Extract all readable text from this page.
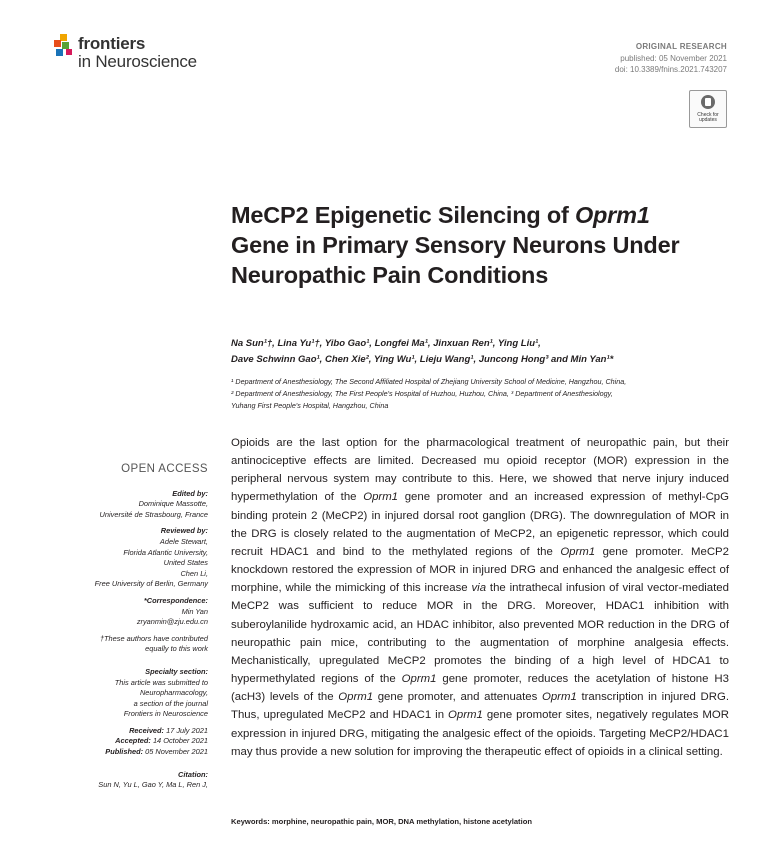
frontiers
in Neuroscience
ORIGINAL RESEARCH
published: 05 November 2021
doi: 10.3389/fnins.2021.743207
Check for updates
MeCP2 Epigenetic Silencing of Oprm1 Gene in Primary Sensory Neurons Under Neuropathic Pain Conditions
Na Sun¹†, Lina Yu¹†, Yibo Gao¹, Longfei Ma¹, Jinxuan Ren¹, Ying Liu¹,
Dave Schwinn Gao¹, Chen Xie², Ying Wu¹, Lieju Wang¹, Juncong Hong³ and Min Yan¹*
¹ Department of Anesthesiology, The Second Affiliated Hospital of Zhejiang University School of Medicine, Hangzhou, China,
² Department of Anesthesiology, The First People's Hospital of Huzhou, Huzhou, China, ³ Department of Anesthesiology,
Yuhang First People's Hospital, Hangzhou, China
Opioids are the last option for the pharmacological treatment of neuropathic pain, but their antinociceptive effects are limited. Decreased mu opioid receptor (MOR) expression in the peripheral nervous system may contribute to this. Here, we showed that nerve injury induced hypermethylation of the Oprm1 gene promoter and an increased expression of methyl-CpG binding protein 2 (MeCP2) in injured dorsal root ganglion (DRG). The downregulation of MOR in the DRG is closely related to the augmentation of MeCP2, an epigenetic repressor, which could recruit HDAC1 and bind to the methylated regions of the Oprm1 gene promoter. MeCP2 knockdown restored the expression of MOR in injured DRG and enhanced the analgesic effect of morphine, while the mimicking of this increase via the intrathecal infusion of viral vector-mediated MeCP2 was sufficient to reduce MOR in the DRG. Moreover, HDAC1 inhibition with suberoylanilide hydroxamic acid, an HDAC inhibitor, also prevented MOR reduction in the DRG of neuropathic pain mice, contributing to the augmentation of morphine analgesia effects. Mechanistically, upregulated MeCP2 promotes the binding of a high level of HDCA1 to hypermethylated regions of the Oprm1 gene promoter, reduces the acetylation of histone H3 (acH3) levels of the Oprm1 gene promoter, and attenuates Oprm1 transcription in injured DRG. Thus, upregulated MeCP2 and HDAC1 in Oprm1 gene promoter sites, negatively regulates MOR expression in injured DRG, mitigating the analgesic effect of the opioids. Targeting MeCP2/HDAC1 may thus provide a new solution for improving the therapeutic effect of opioids in a clinical setting.
Keywords: morphine, neuropathic pain, MOR, DNA methylation, histone acetylation
OPEN ACCESS
Edited by:
Dominique Massotte,
Université de Strasbourg, France
Reviewed by:
Adele Stewart,
Florida Atlantic University,
United States
Chen Li,
Free University of Berlin, Germany
*Correspondence:
Min Yan
zryanmin@zju.edu.cn
†These authors have contributed
equally to this work
Specialty section:
This article was submitted to
Neuropharmacology,
a section of the journal
Frontiers in Neuroscience
Received: 17 July 2021
Accepted: 14 October 2021
Published: 05 November 2021
Citation:
Sun N, Yu L, Gao Y, Ma L, Ren J,
